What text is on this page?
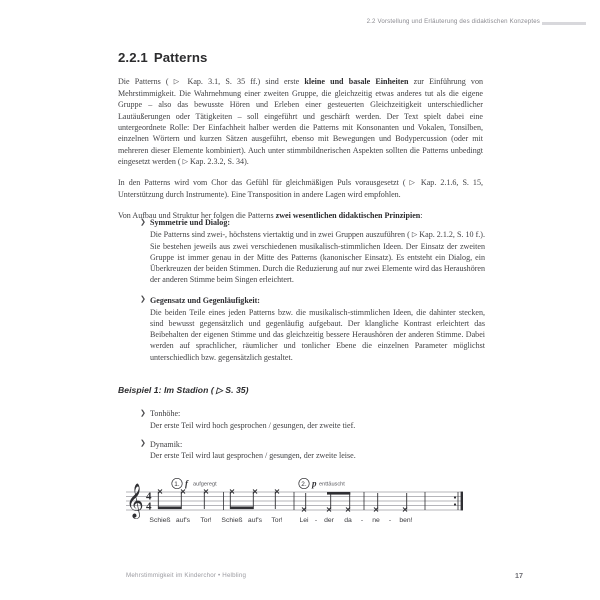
2.2 Vorstellung und Erläuterung des didaktischen Konzeptes
2.2.1 Patterns

Die Patterns ( ▷ Kap. 3.1, S. 35 ff.) sind erste kleine und basale Einheiten zur Einführung von Mehrstimmigkeit. Die Wahrnehmung einer zweiten Gruppe, die gleichzeitig etwas anderes tut als die eigene Gruppe – also das bewusste Hören und Erleben einer gesteuerten Gleichzeitigkeit unterschiedlicher Lautäußerungen oder Tätigkeiten – soll eingeführt und geschärft werden. Der Text spielt dabei eine untergeordnete Rolle: Der Einfachheit halber werden die Patterns mit Konsonanten und Vokalen, Tonsilben, einzelnen Wörtern und kurzen Sätzen ausgeführt, ebenso mit Bewegungen und Bodypercussion (oder mit mehreren dieser Elemente kombiniert). Auch unter stimmbildnerischen Aspekten sollten die Patterns unbedingt eingesetzt werden ( ▷ Kap. 2.3.2, S. 34).

In den Patterns wird vom Chor das Gefühl für gleichmäßigen Puls vorausgesetzt ( ▷ Kap. 2.1.6, S. 15, Unterstützung durch Instrumente). Eine Transposition in andere Lagen wird empfohlen.

Von Aufbau und Struktur her folgen die Patterns zwei wesentlichen didaktischen Prinzipien:

❯ Symmetrie und Dialog:
Die Patterns sind zwei-, höchstens viertaktig und in zwei Gruppen auszuführen ( ▷ Kap. 2.1.2, S. 10 f.). Sie bestehen jeweils aus zwei verschiedenen musikalisch-stimmlichen Ideen. Der Einsatz der zweiten Gruppe ist immer genau in der Mitte des Patterns (kanonischer Einsatz). Es entsteht ein Dialog, ein Überkreuzen der beiden Stimmen. Durch die Reduzierung auf nur zwei Elemente wird das Heraushören der anderen Stimme beim Singen erleichtert.
❯ Gegensatz und Gegenläufigkeit:
Die beiden Teile eines jeden Patterns bzw. die musikalisch-stimmlichen Ideen, die dahinter stecken, sind bewusst gegensätzlich und gegenläufig aufgebaut. Der klangliche Kontrast erleichtert das Beibehalten der eigenen Stimme und das gleichzeitig bessere Heraushören der anderen Stimme. Dabei werden auf sprachlicher, räumlicher und tonlicher Ebene die einzelnen Parameter möglichst unterschiedlich bzw. gegensätzlich gestaltet.
Beispiel 1: Im Stadion ( ▷ S. 35)
❯ Tonhöhe:
Der erste Teil wird hoch gesprochen / gesungen, der zweite tief.
❯ Dynamik:
Der erste Teil wird laut gesprochen / gesungen, der zweite leise.
𝄞 4
4
1. f aufgeregt	2. p enttäuscht
Schieß auf's Tor! Schieß auf's Tor! Lei - der da - ne - ben!
Mehrstimmigkeit im Kinderchor • Helbling	17
